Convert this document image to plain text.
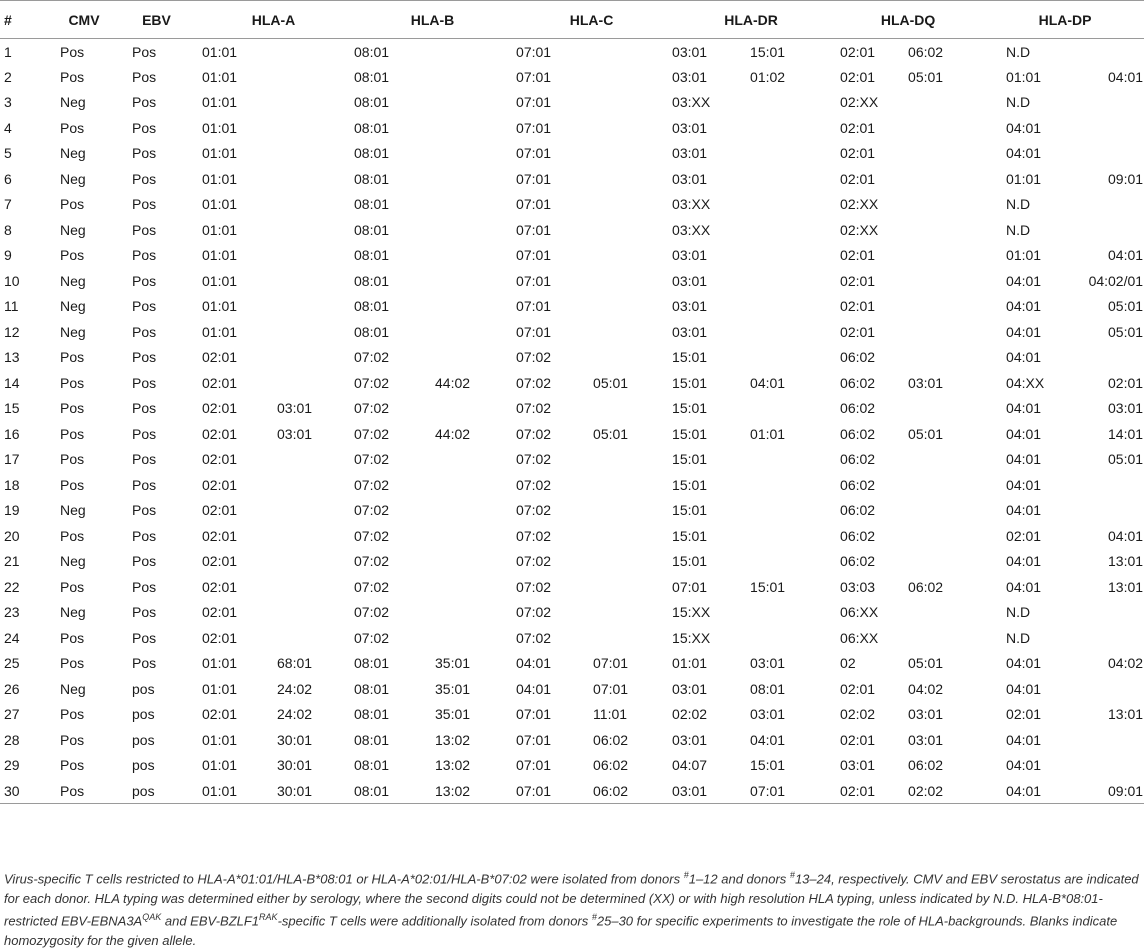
#	CMV	EBV	HLA-A		HLA-B		HLA-C		HLA-DR		HLA-DQ		HLA-DP	
1	Pos	Pos	01:01		08:01		07:01		03:01	15:01	02:01	06:02	N.D	
2	Pos	Pos	01:01		08:01		07:01		03:01	01:02	02:01	05:01	01:01	04:01
3	Neg	Pos	01:01		08:01		07:01		03:XX		02:XX		N.D	
4	Pos	Pos	01:01		08:01		07:01		03:01		02:01		04:01	
5	Neg	Pos	01:01		08:01		07:01		03:01		02:01		04:01	
6	Neg	Pos	01:01		08:01		07:01		03:01		02:01		01:01	09:01
7	Pos	Pos	01:01		08:01		07:01		03:XX		02:XX		N.D	
8	Neg	Pos	01:01		08:01		07:01		03:XX		02:XX		N.D	
9	Pos	Pos	01:01		08:01		07:01		03:01		02:01		01:01	04:01
10	Neg	Pos	01:01		08:01		07:01		03:01		02:01		04:01	04:02/01
11	Neg	Pos	01:01		08:01		07:01		03:01		02:01		04:01	05:01
12	Neg	Pos	01:01		08:01		07:01		03:01		02:01		04:01	05:01
13	Pos	Pos	02:01		07:02		07:02		15:01		06:02		04:01	
14	Pos	Pos	02:01		07:02	44:02	07:02	05:01	15:01	04:01	06:02	03:01	04:XX	02:01
15	Pos	Pos	02:01	03:01	07:02		07:02		15:01		06:02		04:01	03:01
16	Pos	Pos	02:01	03:01	07:02	44:02	07:02	05:01	15:01	01:01	06:02	05:01	04:01	14:01
17	Pos	Pos	02:01		07:02		07:02		15:01		06:02		04:01	05:01
18	Pos	Pos	02:01		07:02		07:02		15:01		06:02		04:01	
19	Neg	Pos	02:01		07:02		07:02		15:01		06:02		04:01	
20	Pos	Pos	02:01		07:02		07:02		15:01		06:02		02:01	04:01
21	Neg	Pos	02:01		07:02		07:02		15:01		06:02		04:01	13:01
22	Pos	Pos	02:01		07:02		07:02		07:01	15:01	03:03	06:02	04:01	13:01
23	Neg	Pos	02:01		07:02		07:02		15:XX		06:XX		N.D	
24	Pos	Pos	02:01		07:02		07:02		15:XX		06:XX		N.D	
25	Pos	Pos	01:01	68:01	08:01	35:01	04:01	07:01	01:01	03:01	02	05:01	04:01	04:02
26	Neg	pos	01:01	24:02	08:01	35:01	04:01	07:01	03:01	08:01	02:01	04:02	04:01	
27	Pos	pos	02:01	24:02	08:01	35:01	07:01	11:01	02:02	03:01	02:02	03:01	02:01	13:01
28	Pos	pos	01:01	30:01	08:01	13:02	07:01	06:02	03:01	04:01	02:01	03:01	04:01	
29	Pos	pos	01:01	30:01	08:01	13:02	07:01	06:02	04:07	15:01	03:01	06:02	04:01	
30	Pos	pos	01:01	30:01	08:01	13:02	07:01	06:02	03:01	07:01	02:01	02:02	04:01	09:01
Virus-specific T cells restricted to HLA-A*01:01/HLA-B*08:01 or HLA-A*02:01/HLA-B*07:02 were isolated from donors #1–12 and donors #13–24, respectively. CMV and EBV serostatus are indicated for each donor. HLA typing was determined either by serology, where the second digits could not be determined (XX) or with high resolution HLA typing, unless indicated by N.D. HLA-B*08:01-restricted EBV-$EBNA3A^{QAK}$ and EBV-$BZLF1^{RAK}$-specific T cells were additionally isolated from donors #25–30 for specific experiments to investigate the role of HLA-backgrounds. Blanks indicate homozygosity for the given allele.
